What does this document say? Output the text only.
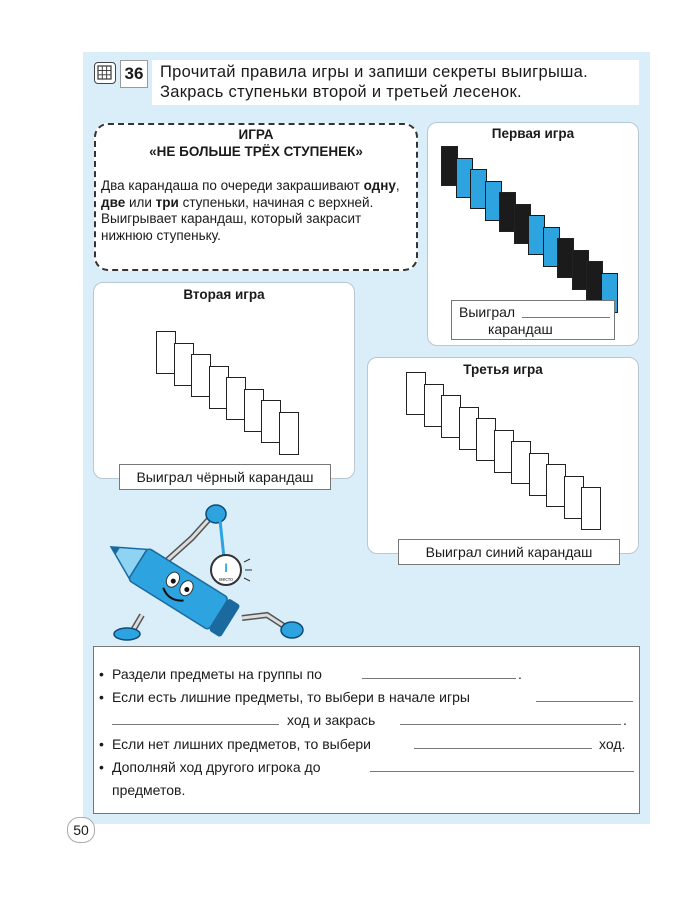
36 Прочитай правила игры и запиши секреты выигрыша.
Закрась ступеньки второй и третьей лесенок.
ИГРА
«НЕ БОЛЬШЕ ТРЁХ СТУПЕНЕК»
Два карандаша по очереди закрашивают одну, две или три ступеньки, начиная с верхней.
Выигрывает карандаш, который закрасит нижнюю ступеньку.
Первая игра
Выиграл
карандаш
Вторая игра
Выиграл чёрный карандаш
Третья игра
Выиграл синий карандаш
I
место
• Раздели предметы на группы по	.
• Если есть лишние предметы, то выбери в начале игры
ход и закрась	.
• Если нет лишних предметов, то выбери	ход.
• Дополняй ход другого игрока до
предметов.
50
